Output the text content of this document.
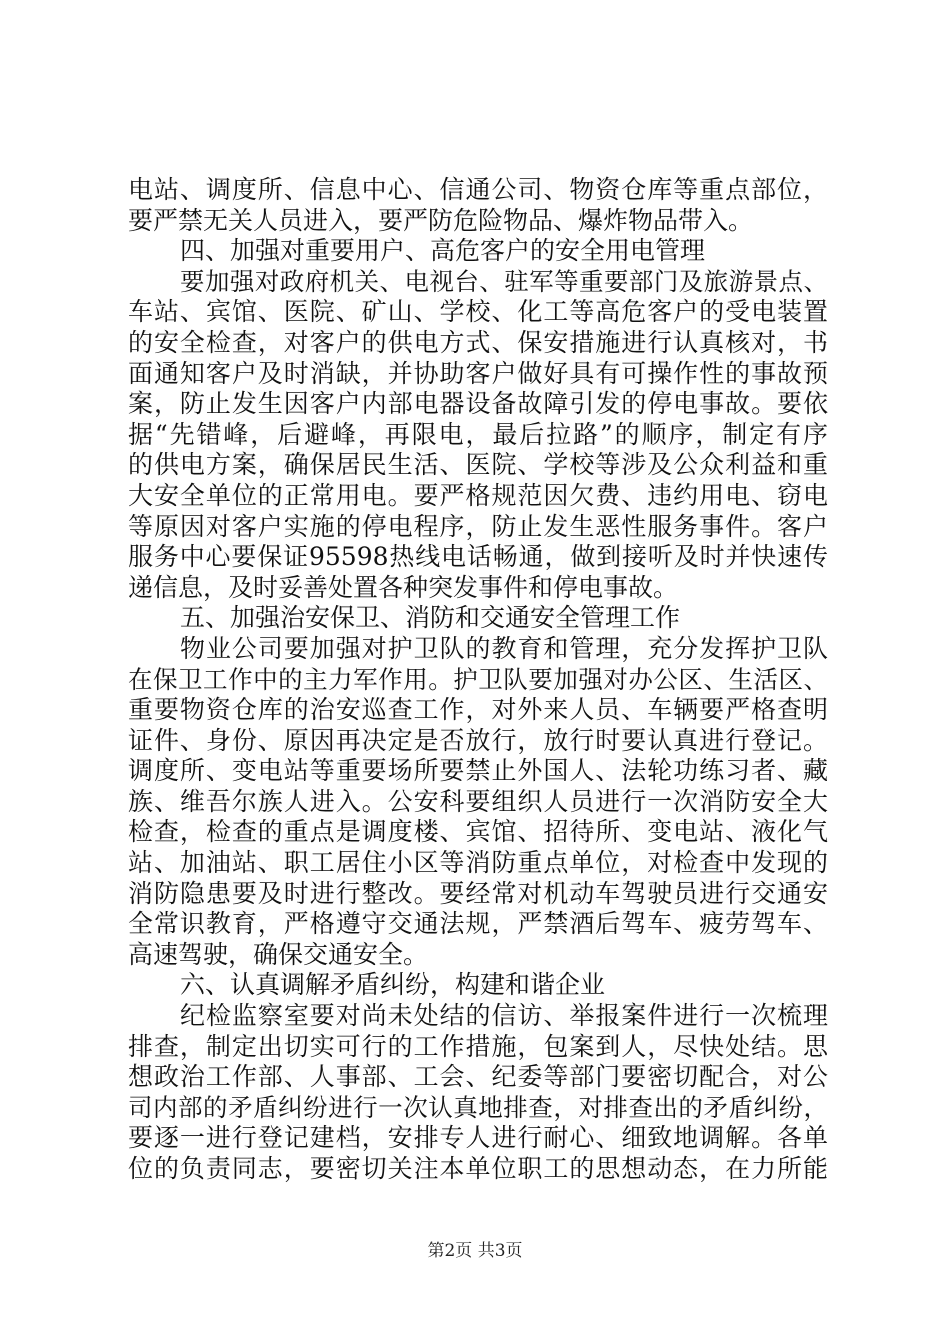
电站、调度所、信息中心、信通公司、物资仓库等重点部位，
要严禁无关人员进入，要严防危险物品、爆炸物品带入。
四、加强对重要用户、高危客户的安全用电管理
要加强对政府机关、电视台、驻军等重要部门及旅游景点、
车站、宾馆、医院、矿山、学校、化工等高危客户的受电装置
的安全检查，对客户的供电方式、保安措施进行认真核对，书
面通知客户及时消缺，并协助客户做好具有可操作性的事故预
案，防止发生因客户内部电器设备故障引发的停电事故。要依
据“先错峰，后避峰，再限电，最后拉路”的顺序，制定有序
的供电方案，确保居民生活、医院、学校等涉及公众利益和重
大安全单位的正常用电。要严格规范因欠费、违约用电、窃电
等原因对客户实施的停电程序，防止发生恶性服务事件。客户
服务中心要保证95598热线电话畅通，做到接听及时并快速传
递信息，及时妥善处置各种突发事件和停电事故。
五、加强治安保卫、消防和交通安全管理工作
物业公司要加强对护卫队的教育和管理，充分发挥护卫队
在保卫工作中的主力军作用。护卫队要加强对办公区、生活区、
重要物资仓库的治安巡查工作，对外来人员、车辆要严格查明
证件、身份、原因再决定是否放行，放行时要认真进行登记。
调度所、变电站等重要场所要禁止外国人、法轮功练习者、藏
族、维吾尔族人进入。公安科要组织人员进行一次消防安全大
检查，检查的重点是调度楼、宾馆、招待所、变电站、液化气
站、加油站、职工居住小区等消防重点单位，对检查中发现的
消防隐患要及时进行整改。要经常对机动车驾驶员进行交通安
全常识教育，严格遵守交通法规，严禁酒后驾车、疲劳驾车、
高速驾驶，确保交通安全。
六、认真调解矛盾纠纷，构建和谐企业
纪检监察室要对尚未处结的信访、举报案件进行一次梳理
排查，制定出切实可行的工作措施，包案到人，尽快处结。思
想政治工作部、人事部、工会、纪委等部门要密切配合，对公
司内部的矛盾纠纷进行一次认真地排查，对排查出的矛盾纠纷，
要逐一进行登记建档，安排专人进行耐心、细致地调解。各单
位的负责同志，要密切关注本单位职工的思想动态，在力所能
第2页 共3页
